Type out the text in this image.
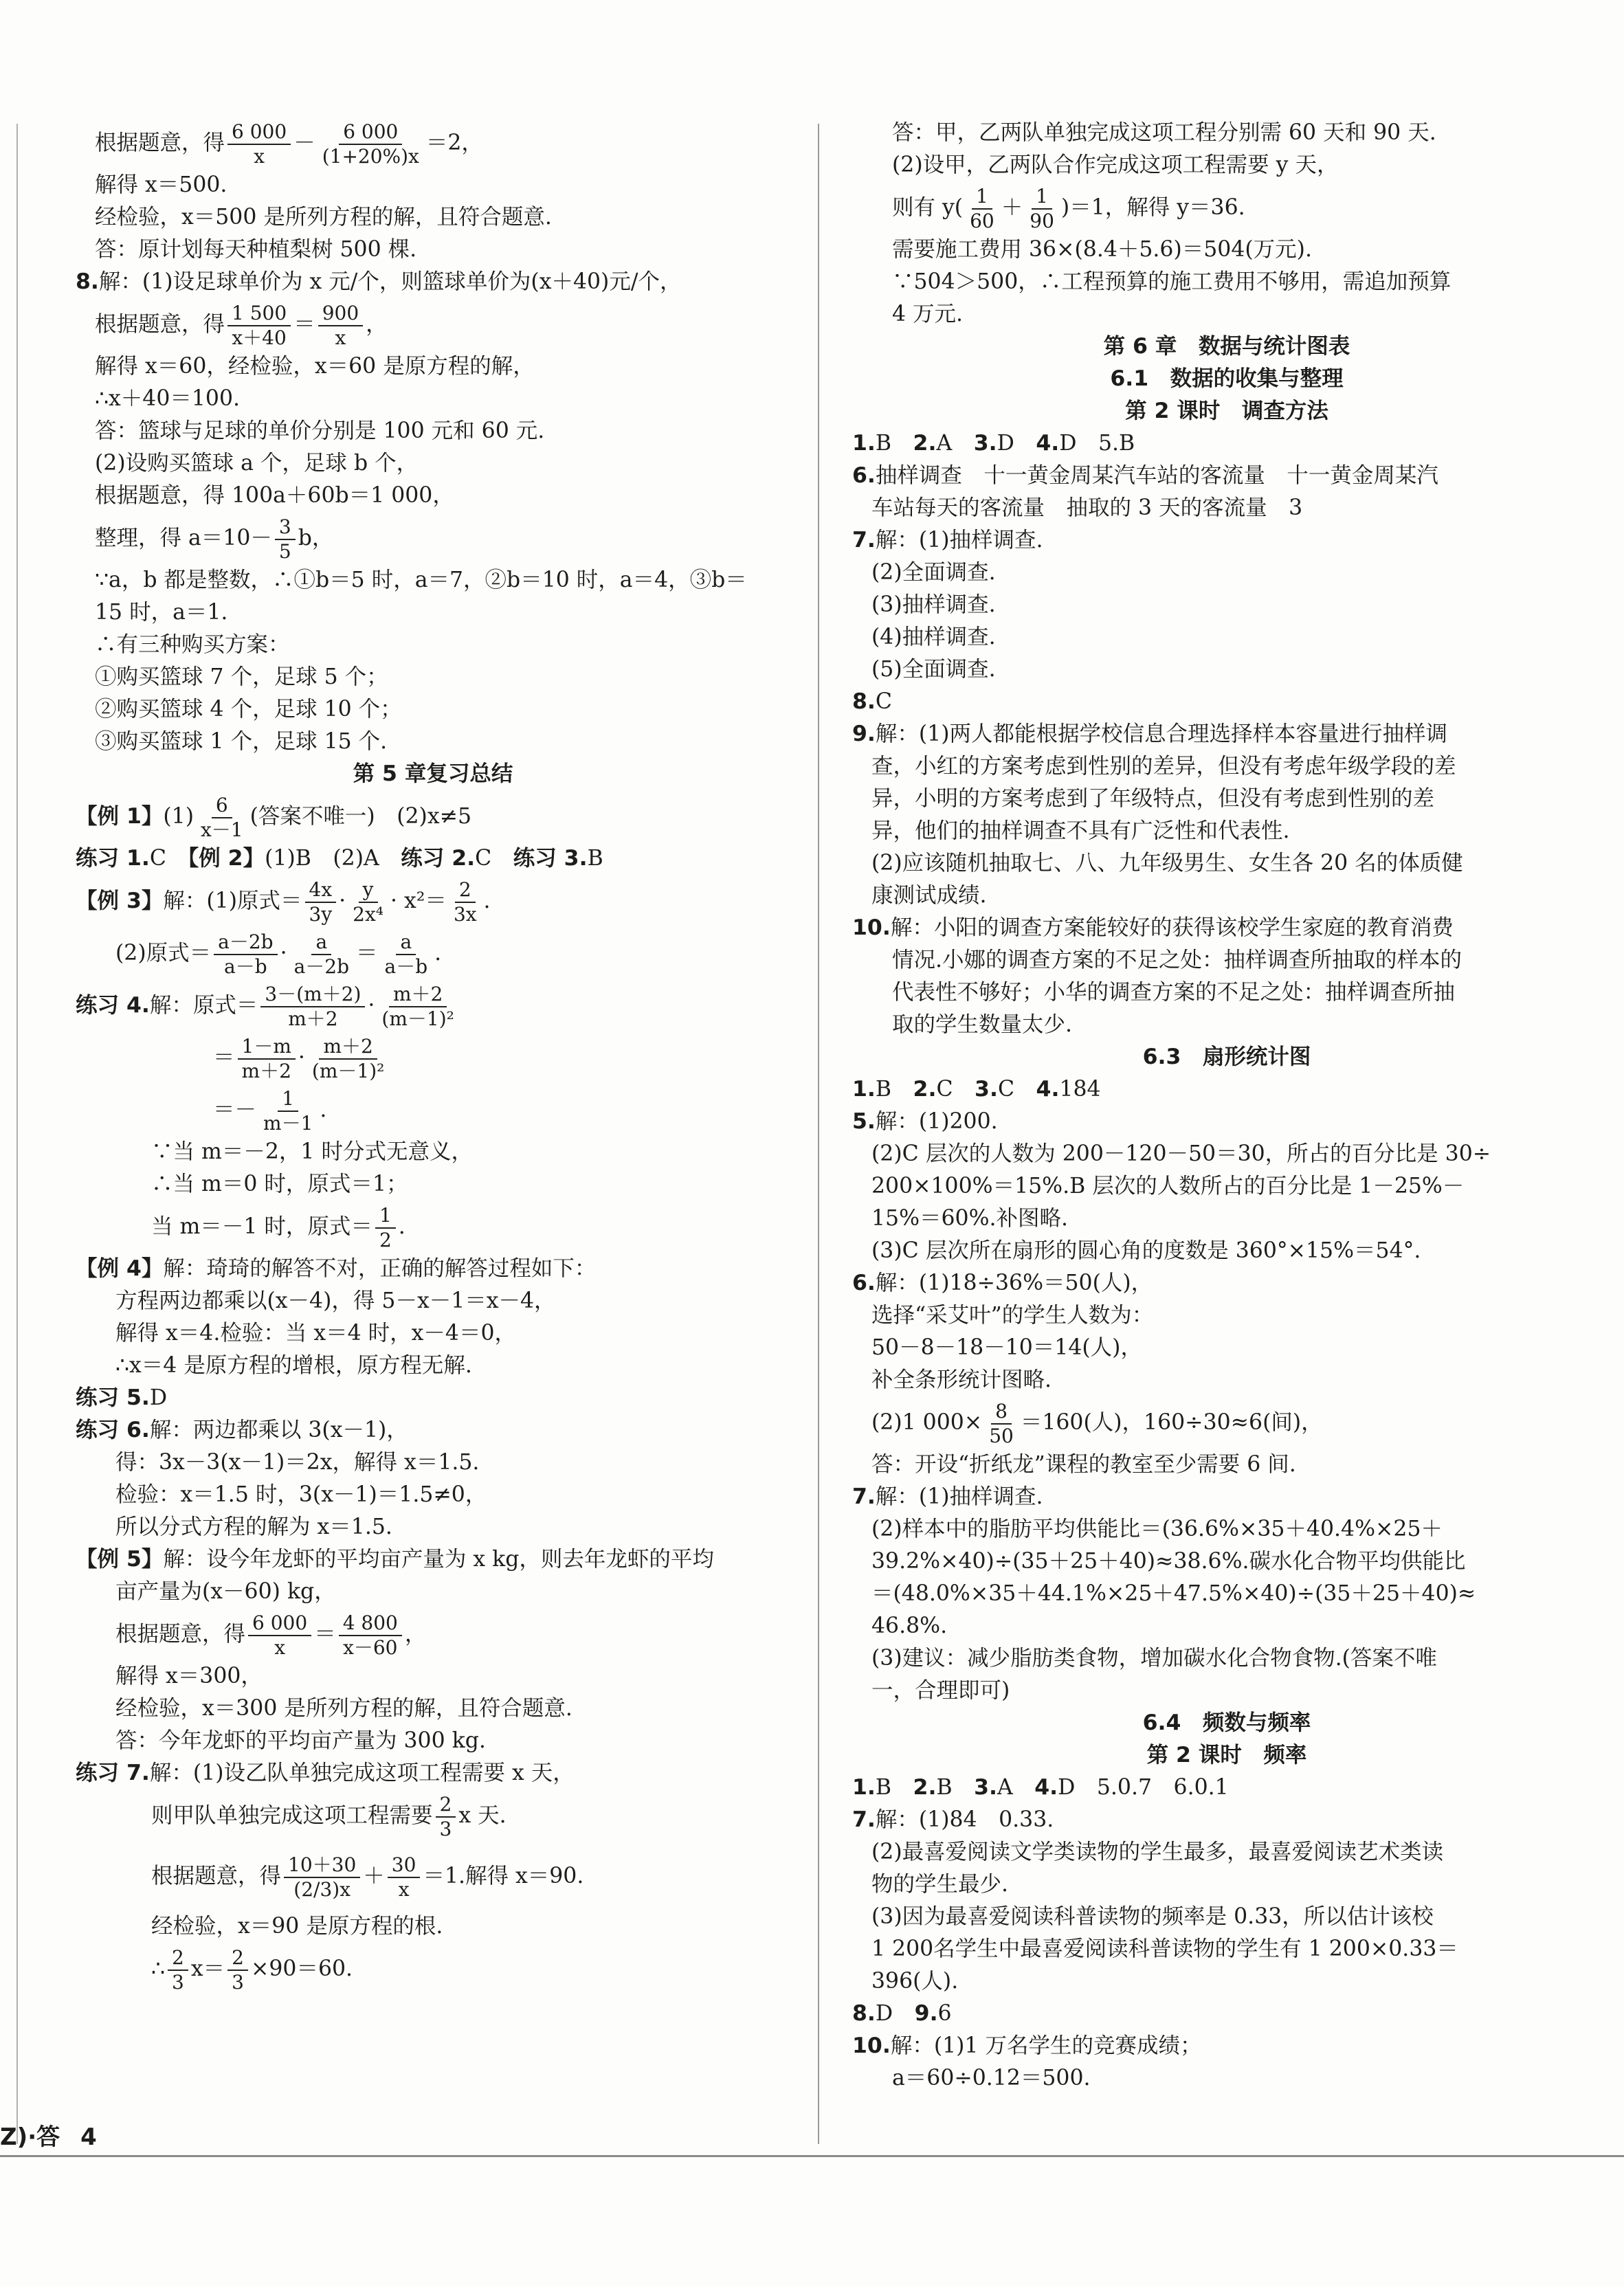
根据题意，得 $\frac{6 000}{x} - \frac{6 000}{(1+20\%)x} =2$，
解得 x＝500.
经检验，x＝500 是所列方程的解，且符合题意.
答：原计划每天种植梨树 500 棵.
8.解：(1)设足球单价为 x 元/个，则篮球单价为(x＋40)元/个，
根据题意，得 $\frac{1 500}{x+40} = \frac{900}{x}$ ，
解得 x＝60，经检验，x＝60 是原方程的解，
∴x＋40＝100.
答：篮球与足球的单价分别是 100 元和 60 元.
(2)设购买篮球 a 个，足球 b 个，
根据题意，得 100a＋60b＝1 000，
整理，得 $a=10- \frac{3}{5}$ b，
∵a，b 都是整数，∴①b＝5 时，a＝7，②b＝10 时，a＝4，③b＝
15 时，a＝1.
∴有三种购买方案：
①购买篮球 7 个，足球 5 个；
②购买篮球 4 个，足球 10 个；
③购买篮球 1 个，足球 15 个.
第 5 章复习总结
【例 1】$(1) \frac{6}{x-1}$ (答案不唯一)　(2)x≠5
练习 1.C　【例 2】(1)B　(2)A　练习 2.C　练习 3.B
【例 3】解：(1)原式＝ $\frac{4x}{3y} \cdot \frac{y}{\text{2x⁴}} \cdot x^2= \frac{2}{3x}$ .
(2)原式＝ $\frac{a-2b}{a-b} \cdot \frac{a}{a-2b} = \frac{a}{a-b}$ .
练习 4.解：原式＝ $\frac{3-(m+2)}{m+2} \cdot \frac{m+2}{\text{(m－1)²}}$
＝ $\frac{1-m}{m+2} \cdot \frac{m+2}{\text{(m－1)²}}$
＝－ $\frac{1}{m-1}$ .
∵当 m＝－2，1 时分式无意义，
∴当 m＝0 时，原式＝1；
当 m＝－1 时，原式＝ $\frac{1}{2}$ .
【例 4】解：琦琦的解答不对，正确的解答过程如下：
方程两边都乘以(x－4)，得 5－x－1＝x－4，
解得 x＝4.检验：当 x＝4 时，x－4＝0，
∴x＝4 是原方程的增根，原方程无解.
练习 5.D
练习 6.解：两边都乘以 3(x－1)，
得：3x－3(x－1)＝2x，解得 x＝1.5.
检验：x＝1.5 时，3(x－1)＝1.5≠0，
所以分式方程的解为 x＝1.5.
【例 5】解：设今年龙虾的平均亩产量为 x kg，则去年龙虾的平均
亩产量为(x－60) kg，
根据题意，得 $\frac{6 000}{x} = \frac{4 800}{x-60}$ ，
解得 x＝300，
经检验，x＝300 是所列方程的解，且符合题意.
答：今年龙虾的平均亩产量为 300 kg.
练习 7.解：(1)设乙队单独完成这项工程需要 x 天，
则甲队单独完成这项工程需要 $\frac{2}{3}$ x 天.
根据题意，得 $\frac{10+30}{(2/3)x} + \frac{30}{x} =1$.解得 x＝90.
经检验，x＝90 是原方程的根.
∴ $\frac{2}{3} x= \frac{2}{3} \times 90=60$.
答：甲，乙两队单独完成这项工程分别需 60 天和 90 天.
(2)设甲，乙两队合作完成这项工程需要 y 天，
则有 $y( \frac{1}{60} + \frac{1}{90} )=1$，解得 y＝36.
需要施工费用 36×(8.4＋5.6)＝504(万元).
∵504＞500，∴工程预算的施工费用不够用，需追加预算
4 万元.
第 6 章　数据与统计图表
6.1　数据的收集与整理
第 2 课时　调查方法
1.B　2.A　3.D　4.D　5.B
6.抽样调查　十一黄金周某汽车站的客流量　十一黄金周某汽
车站每天的客流量　抽取的 3 天的客流量　3
7.解：(1)抽样调查.
(2)全面调查.
(3)抽样调查.
(4)抽样调查.
(5)全面调查.
8.C
9.解：(1)两人都能根据学校信息合理选择样本容量进行抽样调
查，小红的方案考虑到性别的差异，但没有考虑年级学段的差
异，小明的方案考虑到了年级特点，但没有考虑到性别的差
异，他们的抽样调查不具有广泛性和代表性.
(2)应该随机抽取七、八、九年级男生、女生各 20 名的体质健
康测试成绩.
10.解：小阳的调查方案能较好的获得该校学生家庭的教育消费
情况.小娜的调查方案的不足之处：抽样调查所抽取的样本的
代表性不够好；小华的调查方案的不足之处：抽样调查所抽
取的学生数量太少.
6.3　扇形统计图
1.B　2.C　3.C　4.184
5.解：(1)200.
(2)C 层次的人数为 200－120－50＝30，所占的百分比是 30÷
200×100%＝15%.B 层次的人数所占的百分比是 1－25%－
15%＝60%.补图略.
(3)C 层次所在扇形的圆心角的度数是 360°×15%＝54°.
6.解：(1)18÷36%＝50(人)，
选择“采艾叶”的学生人数为：
50－8－18－10＝14(人)，
补全条形统计图略.
(2)1 $000\times \frac{8}{50} =160$(人)，160÷30≈6(间)，
答：开设“折纸龙”课程的教室至少需要 6 间.
7.解：(1)抽样调查.
(2)样本中的脂肪平均供能比＝(36.6%×35＋40.4%×25＋
39.2%×40)÷(35＋25＋40)≈38.6%.碳水化合物平均供能比
＝(48.0%×35＋44.1%×25＋47.5%×40)÷(35＋25＋40)≈
46.8%.
(3)建议：减少脂肪类食物，增加碳水化合物食物.(答案不唯
一，合理即可)
6.4　频数与频率
第 2 课时　频率
1.B　2.B　3.A　4.D　5.0.7　6.0.1
7.解：(1)84　0.33.
(2)最喜爱阅读文学类读物的学生最多，最喜爱阅读艺术类读
物的学生最少.
(3)因为最喜爱阅读科普读物的频率是 0.33，所以估计该校
1 200名学生中最喜爱阅读科普读物的学生有 1 200×0.33＝
396(人).
8.D　9.6
10.解：(1)1 万名学生的竞赛成绩；
a＝60÷0.12＝500.
Z)·答 4
